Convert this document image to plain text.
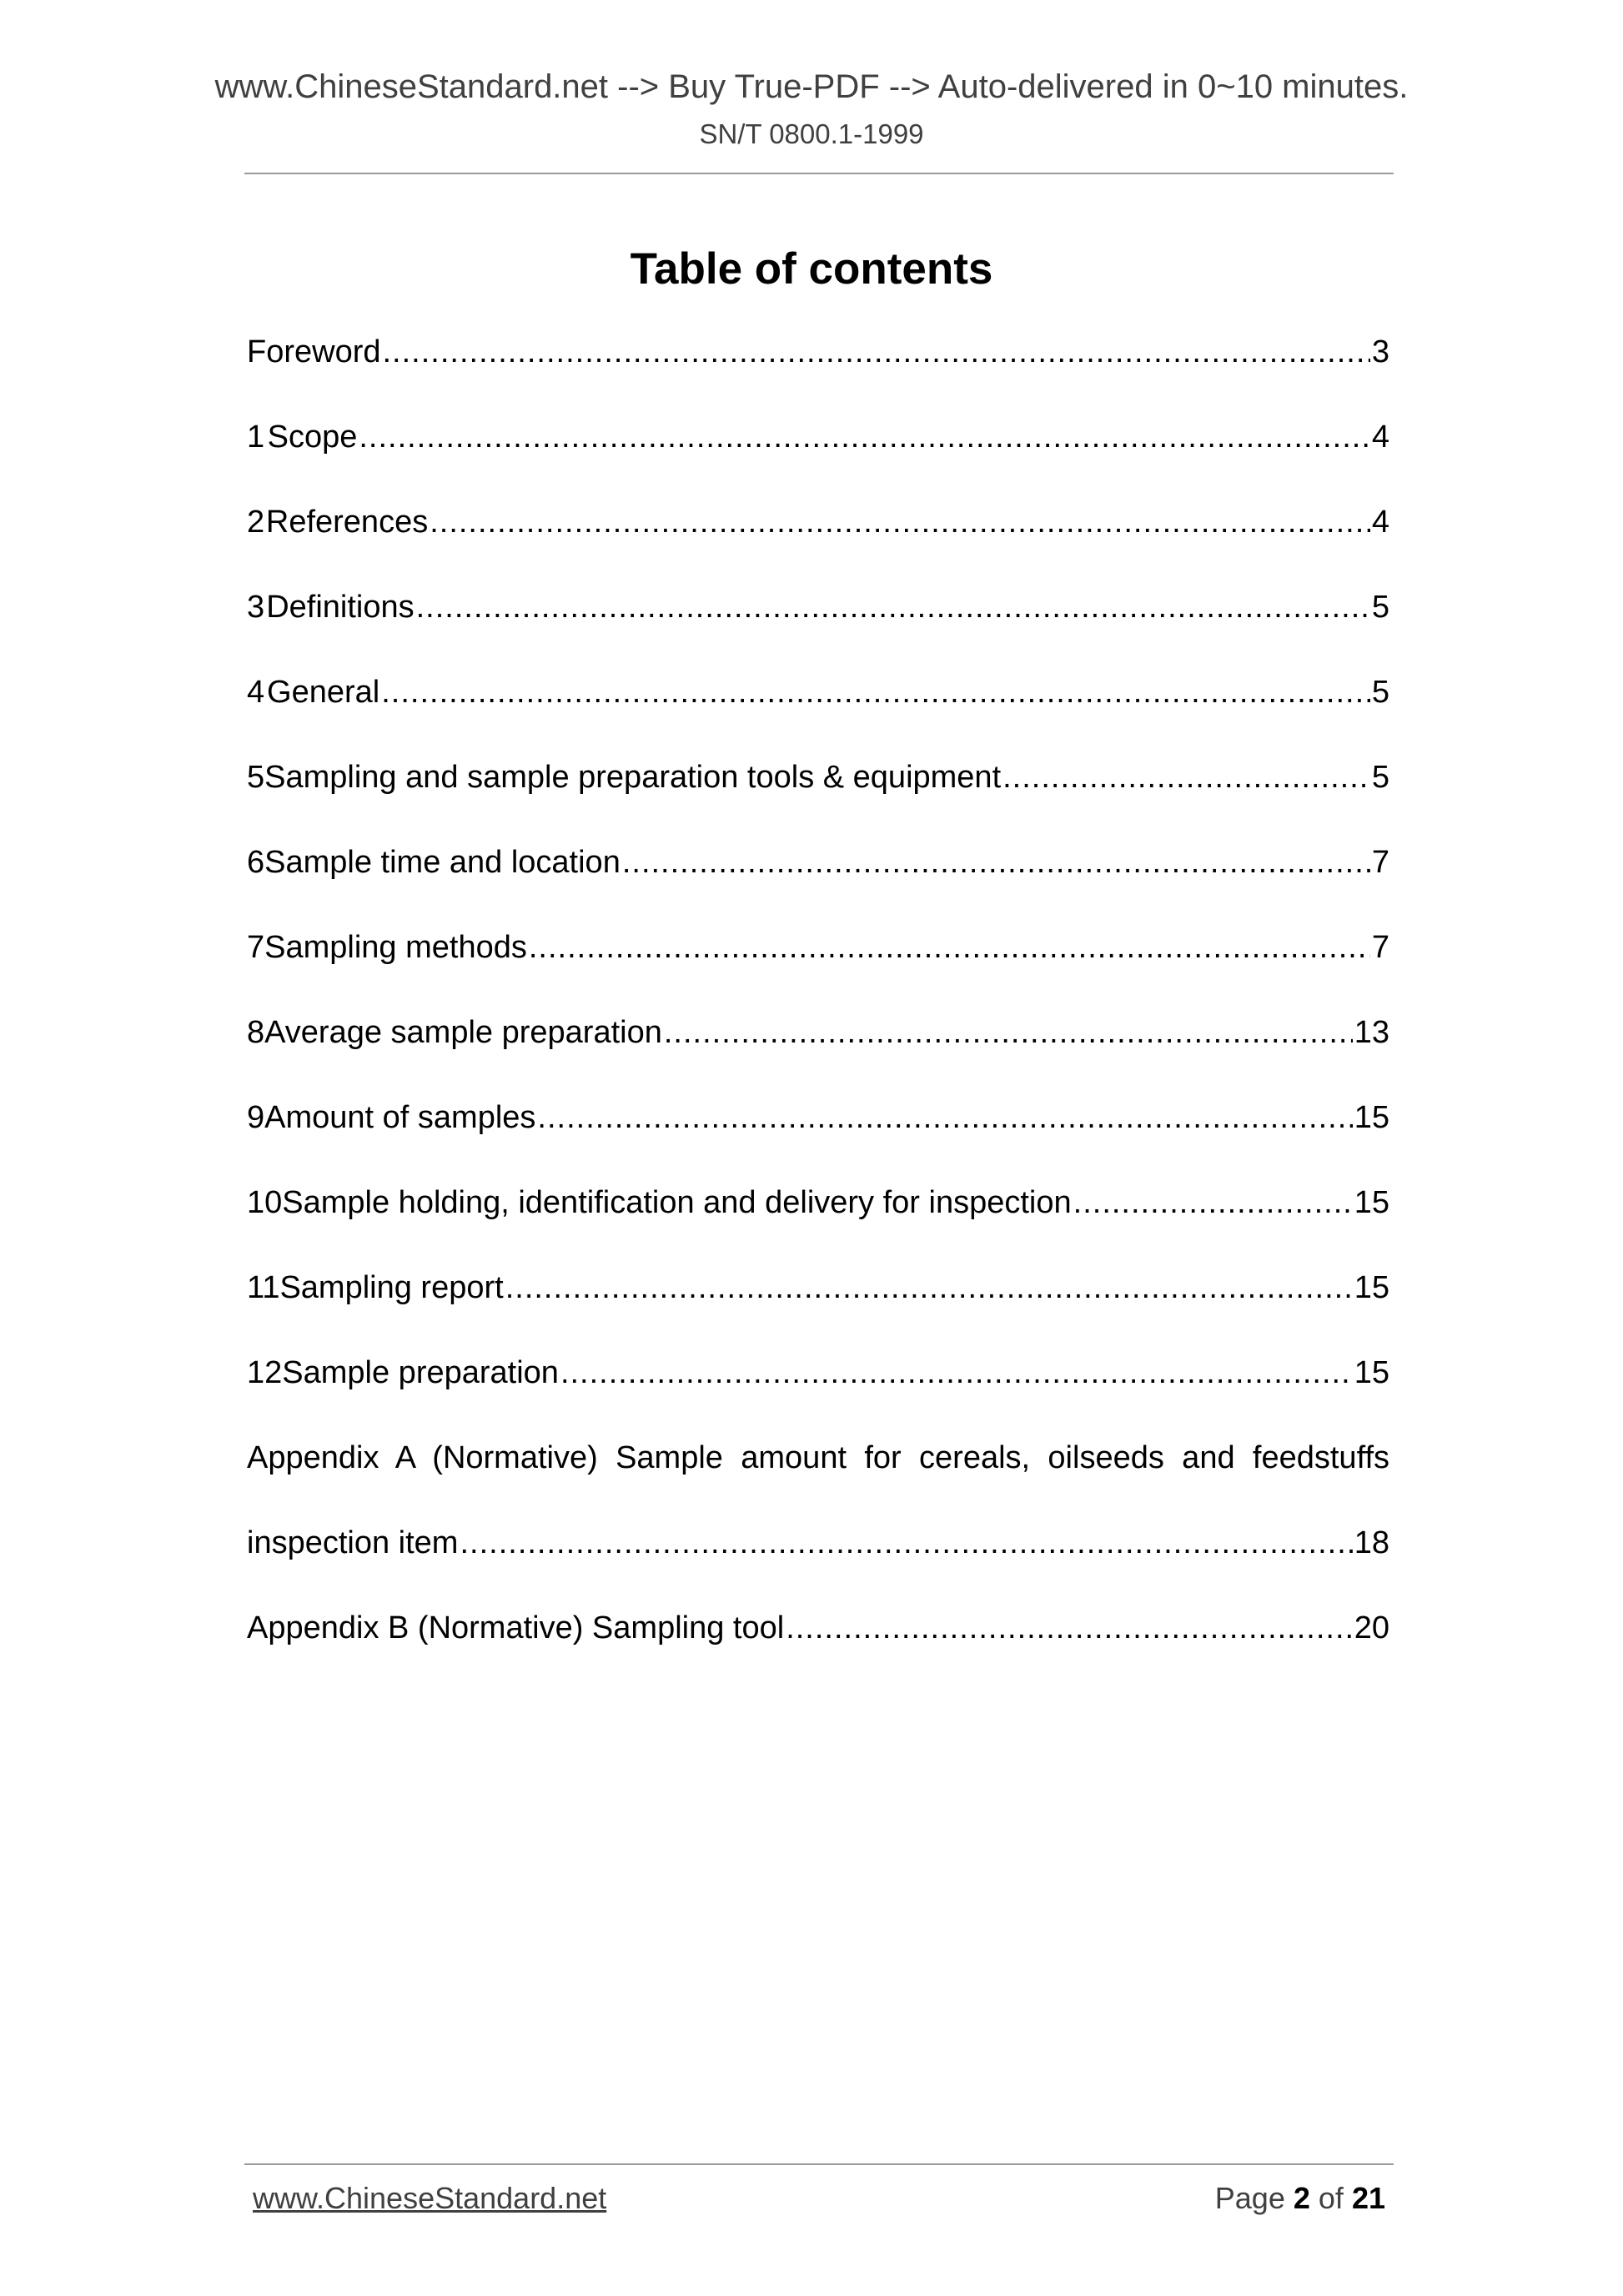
www.ChineseStandard.net --> Buy True-PDF --> Auto-delivered in 0~10 minutes.
SN/T 0800.1-1999
Table of contents
Foreword .....	3
1 Scope .....	4
2 References .....	4
3 Definitions .....	5
4 General .....	5
5 Sampling and sample preparation tools & equipment .....	5
6 Sample time and location .....	7
7 Sampling methods .....	7
8 Average sample preparation .....	13
9 Amount of samples .....	15
10 Sample holding, identification and delivery for inspection .....	15
11 Sampling report .....	15
12 Sample preparation .....	15
Appendix A (Normative) Sample amount for cereals, oilseeds and feedstuffs
inspection item .....	18
Appendix B (Normative) Sampling tool .....	20
www.ChineseStandard.net	Page 2 of 21
